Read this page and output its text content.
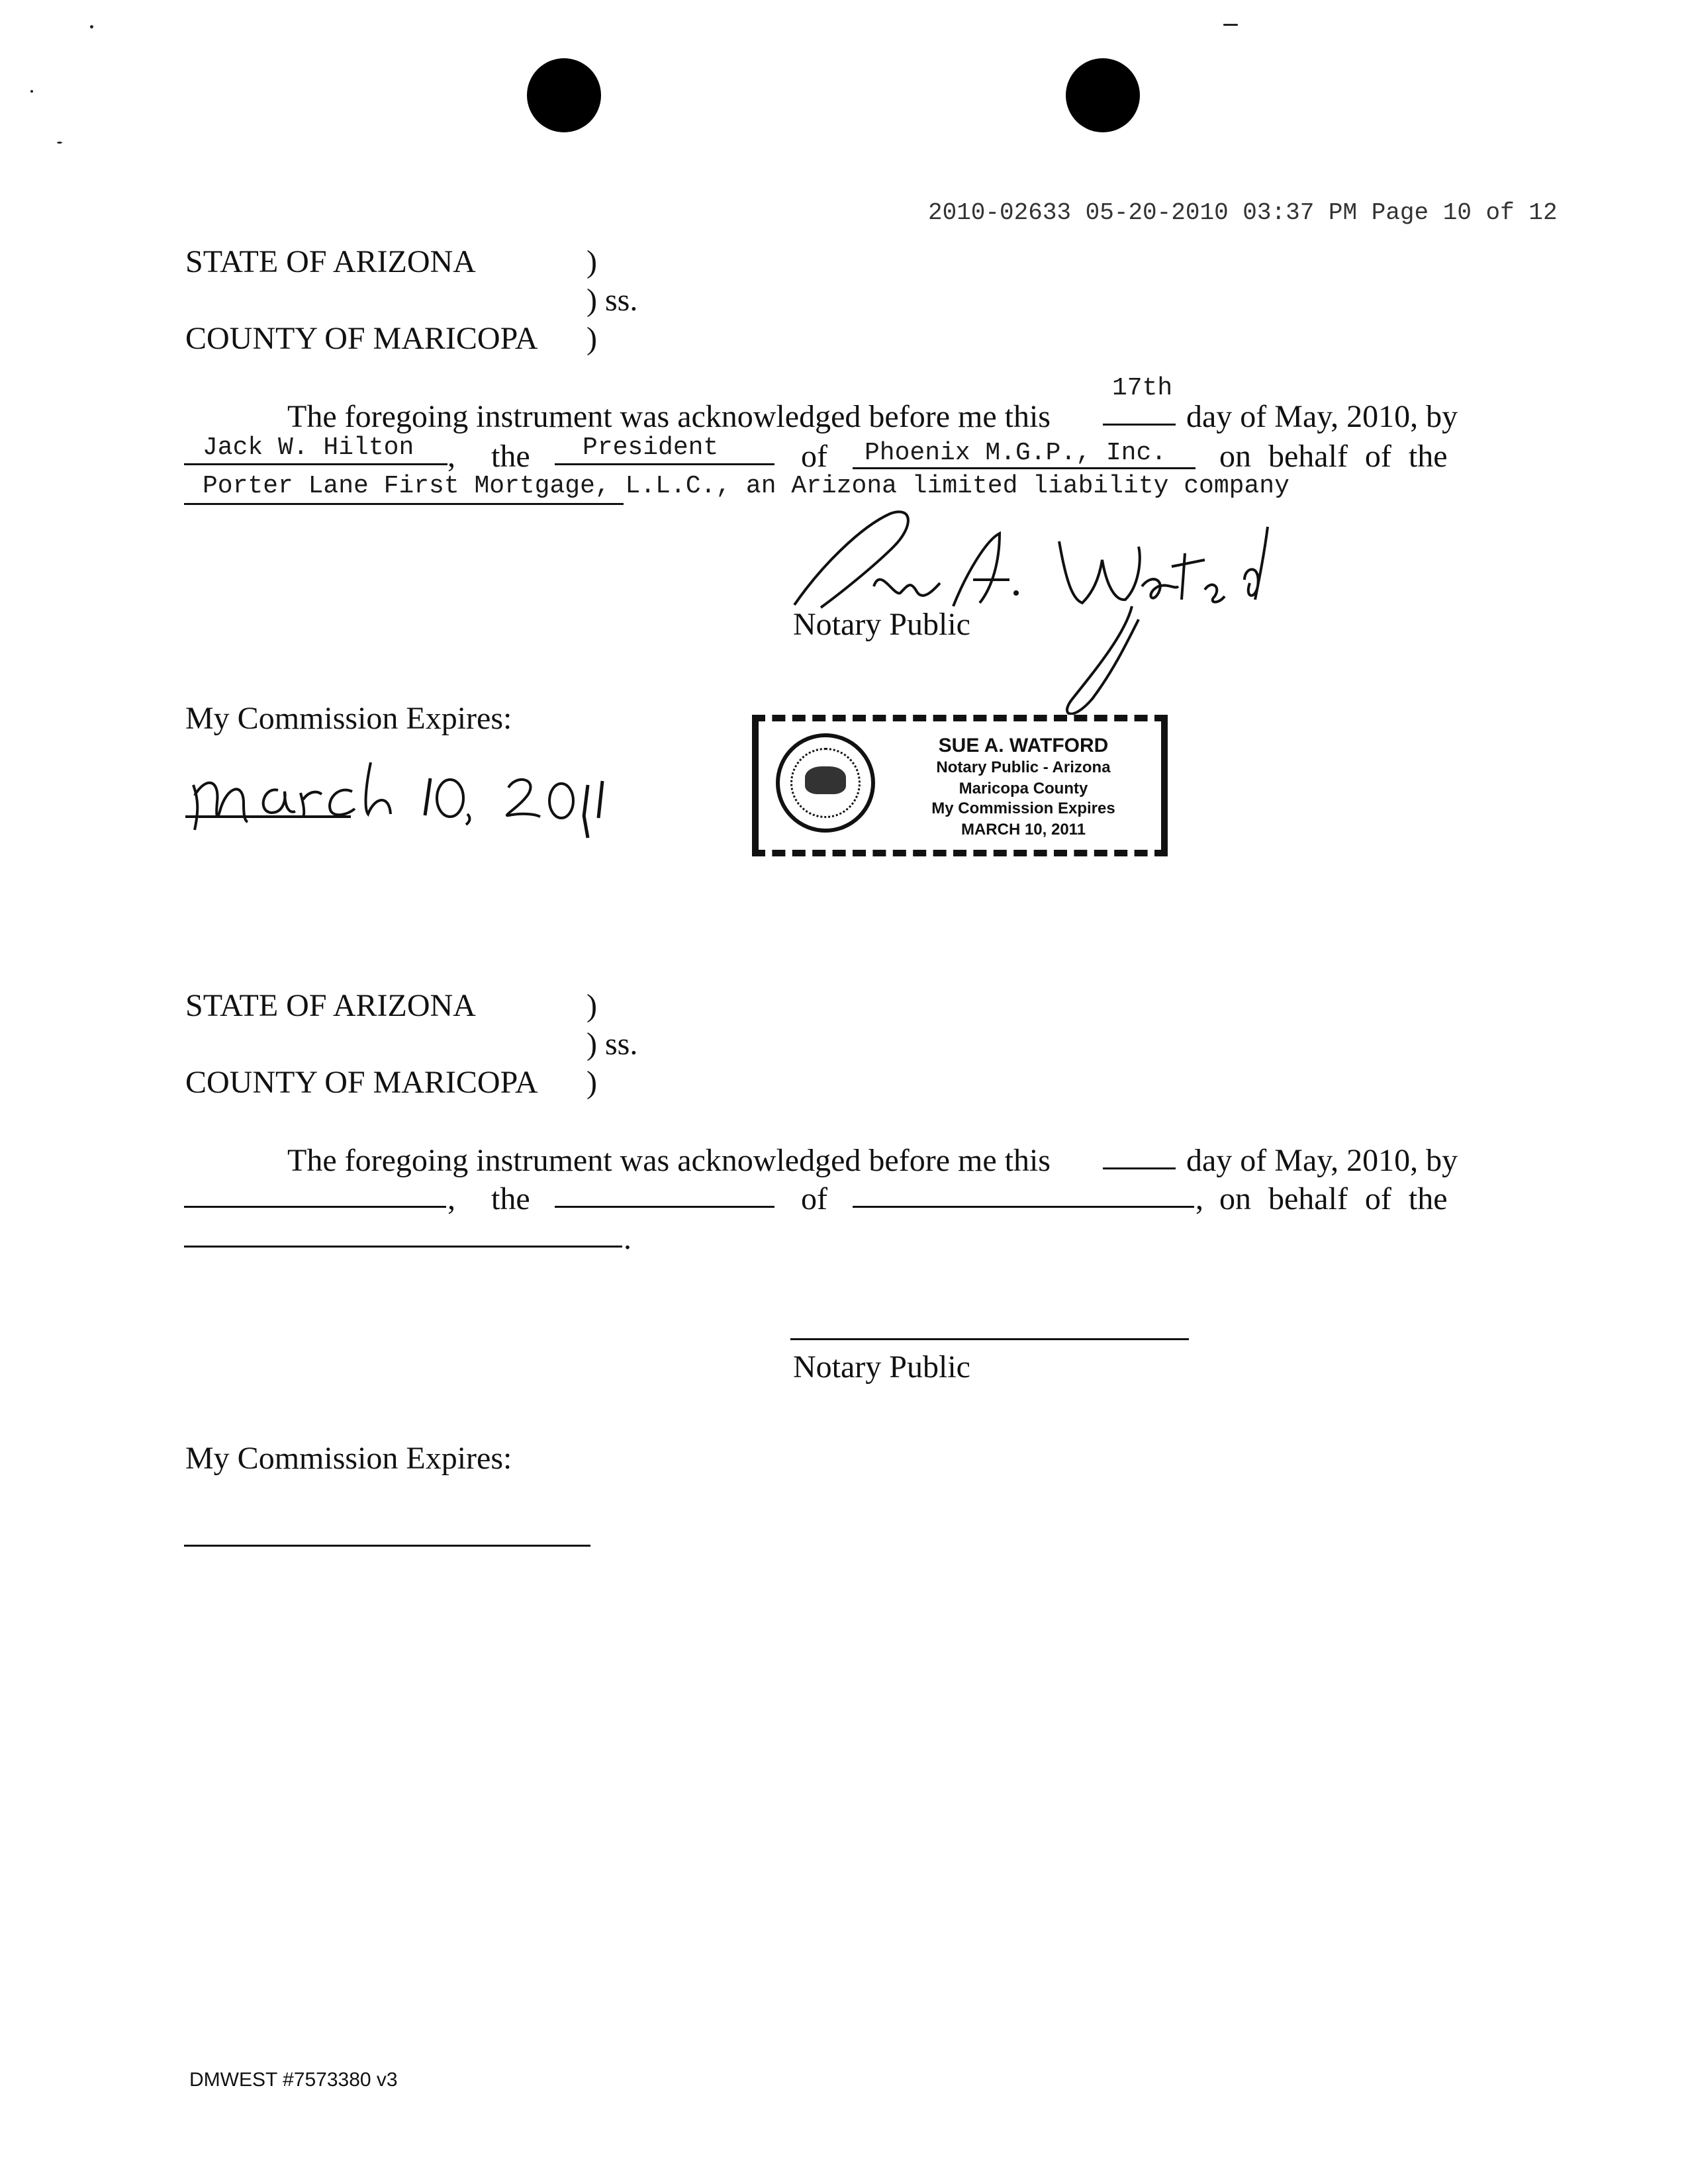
2010-02633 05-20-2010 03:37 PM Page 10 of 12
STATE OF ARIZONA	)
) ss.
COUNTY OF MARICOPA )
17th
The foregoing instrument was acknowledged before me this	day of May, 2010, by
Jack W. Hilton , the President	of Phoenix M.G.P., Inc. on behalf of the
Porter Lane First Mortgage, L.L.C., an Arizona limited liability company
Notary Public
My Commission Expires:
SUE A. WATFORD
Notary Public - Arizona
Maricopa County
My Commission Expires
MARCH 10, 2011
STATE OF ARIZONA	)
) ss.
COUNTY OF MARICOPA )
The foregoing instrument was acknowledged before me this	day of May, 2010, by
, the	of	, on behalf of the
.
Notary Public
My Commission Expires:
DMWEST #7573380 v3
